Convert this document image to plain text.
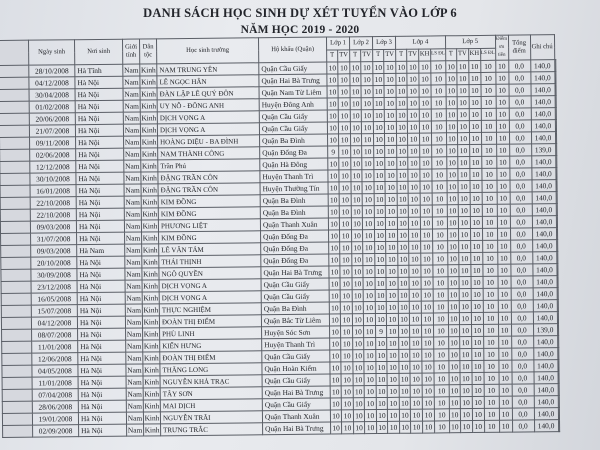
DANH SÁCH HỌC SINH DỰ XÉT TUYỂN VÀO LỚP 6
NĂM HỌC 2019 - 2020
	Ngày sinh	Nơi sinh	Giới tính	Dân tộc	Học sinh trường	Hộ khẩu (Quận)	Lớp 1		Lớp 2		Lớp 3		Lớp 4				Lớp 5				Điểm ưu tiên	Tổng điểm	Ghi chú	
							T	TV	T	TV	T	TV	T	TV	KH	LS ĐL	T	TV	KH	LS ĐL				
	28/10/2008	Hà Tĩnh	Nam	Kinh	NAM TRUNG YÊN	Quận Cầu Giấy	10	10	10	10	10	10	10	10	10	10	10	10	10	10	10	0,0	140,0	
	04/12/2008	Hà Nội	Nam	Kinh	LÊ NGỌC HÂN	Quận Hai Bà Trưng	10	10	10	10	10	10	10	10	10	10	10	10	10	10	10	0,0	140,0	
	30/04/2008	Hà Nội	Nam	Kinh	ĐÀN LẬP LÊ QUÝ ĐÔN	Quận Nam Từ Liêm	10	10	10	10	10	10	10	10	10	10	10	10	10	10	10	0,0	140,0	
	01/02/2008	Hà Nội	Nam	Kinh	UY NỖ - ĐÔNG ANH	Huyện Đông Anh	10	10	10	10	10	10	10	10	10	10	10	10	10	10	10	0,0	140,0	
	20/06/2008	Hà Nội	Nam	Kinh	DỊCH VỌNG A	Quận Cầu Giấy	10	10	10	10	10	10	10	10	10	10	10	10	10	10	10	0,0	140,0	
	21/07/2008	Hà Nội	Nam	Kinh	DỊCH VỌNG A	Quận Cầu Giấy	10	10	10	10	10	10	10	10	10	10	10	10	10	10	10	0,0	140,0	
	09/11/2008	Hà Nội	Nam	Kinh	HOÀNG DIỆU - BA ĐÌNH	Quận Ba Đình	10	10	10	10	10	10	10	10	10	10	10	10	10	10	10	0,0	140,0	
	02/06/2008	Hà Nội	Nam	Kinh	NAM THÀNH CÔNG	Quận Đống Đa	9	10	10	10	10	10	10	10	10	10	10	10	10	10	10	0,0	139,0	
	12/12/2008	Hà Nội	Nam	Kinh	Trần Phú	Quận Hà Đông	10	10	10	10	10	10	10	10	10	10	10	10	10	10	10	0,0	140,0	
	30/10/2008	Hà Nội	Nam	Kinh	ĐẶNG TRẦN CÔN	Huyện Thanh Trì	10	10	10	10	10	10	10	10	10	10	10	10	10	10	10	0,0	140,0	
	16/01/2008	Hà Nội	Nam	Kinh	ĐẶNG TRẦN CÔN	Huyện Thường Tín	10	10	10	10	10	10	10	10	10	10	10	10	10	10	10	0,0	140,0	
	22/10/2008	Hà Nội	Nam	Kinh	KIM ĐỒNG	Quận Ba Đình	10	10	10	10	10	10	10	10	10	10	10	10	10	10	10	0,0	140,0	
	22/10/2008	Hà Nội	Nam	Kinh	KIM ĐỒNG	Quận Ba Đình	10	10	10	10	10	10	10	10	10	10	10	10	10	10	10	0,0	140,0	
	09/03/2008	Hà Nội	Nam	Kinh	PHƯƠNG LIỆT	Quận Thanh Xuân	10	10	10	10	10	10	10	10	10	10	10	10	10	10	10	0,0	140,0	
	31/07/2008	Hà Nội	Nam	Kinh	KIM ĐỒNG	Quận Đống Đa	10	10	10	10	10	10	10	10	10	10	10	10	10	10	10	0,0	140,0	
	09/03/2008	Hà Nam	Nam	Kinh	LÊ VĂN TÁM	Quận Đống Đa	10	10	10	10	10	10	10	10	10	10	10	10	10	10	10	0,0	140,0	
	20/10/2008	Hà Nội	Nam	Kinh	THÁI THỊNH	Quận Đống Đa	10	10	10	10	10	10	10	10	10	10	10	10	10	10	10	0,0	140,0	
	30/09/2008	Hà Nội	Nam	Kinh	NGÔ QUYỀN	Quận Hai Bà Trưng	10	10	10	10	10	10	10	10	10	10	10	10	10	10	10	0,0	140,0	
	23/12/2008	Hà Nội	Nam	Kinh	DỊCH VỌNG A	Quận Cầu Giấy	10	10	10	10	10	10	10	10	10	10	10	10	10	10	10	0,0	140,0	
	16/05/2008	Hà Nội	Nam	Kinh	DỊCH VỌNG A	Quận Cầu Giấy	10	10	10	10	10	10	10	10	10	10	10	10	10	10	10	0,0	140,0	
	15/07/2008	Hà Nội	Nam	Kinh	THỰC NGHIỆM	Quận Ba Đình	10	10	10	10	10	10	10	10	10	10	10	10	10	10	10	0,0	140,0	
	04/12/2008	Hà Nội	Nam	Kinh	ĐOÀN THỊ ĐIỂM	Quận Bắc Từ Liêm	10	10	10	10	10	10	10	10	10	10	10	10	10	10	10	0,0	140,0	
	08/07/2008	Hà Nội	Nam	Kinh	PHÙ LINH	Huyện Sóc Sơn	10	10	10	10	9	10	10	10	10	10	10	10	10	10	10	0,0	139,0	
	11/01/2008	Hà Nội	Nam	Kinh	KIẾN HƯNG	Huyện Thanh Trì	10	10	10	10	10	10	10	10	10	10	10	10	10	10	10	0,0	140,0	
	12/06/2008	Hà Nội	Nam	Kinh	ĐOÀN THỊ ĐIỂM	Quận Cầu Giấy	10	10	10	10	10	10	10	10	10	10	10	10	10	10	10	0,0	140,0	
	04/05/2008	Hà Nội	Nam	Kinh	THĂNG LONG	Quận Hoàn Kiếm	10	10	10	10	10	10	10	10	10	10	10	10	10	10	10	0,0	140,0	
	11/01/2008	Hà Nội	Nam	Kinh	NGUYỄN KHẢ TRẠC	Quận Cầu Giấy	10	10	10	10	10	10	10	10	10	10	10	10	10	10	10	0,0	140,0	
	07/04/2008	Hà Nội	Nam	Kinh	TÂY SƠN	Quận Hai Bà Trưng	10	10	10	10	10	10	10	10	10	10	10	10	10	10	10	0,0	140,0	
	28/06/2008	Hà Nội	Nam	Kinh	MAI DỊCH	Quận Cầu Giấy	10	10	10	10	10	10	10	10	10	10	10	10	10	10	10	0,0	140,0	
	19/01/2008	Hà Nội	Nam	Kinh	NGUYỄN TRÃI	Quận Thanh Xuân	10	10	10	10	10	10	10	10	10	10	10	10	10	10	10	0,0	140,0	
	02/09/2008	Hà Nội	Nam	Kinh	TRƯNG TRẮC	Quận Hai Bà Trưng	10	10	10	10	10	10	10	10	10	10	10	10	10	10	10	0,0	140,0	
